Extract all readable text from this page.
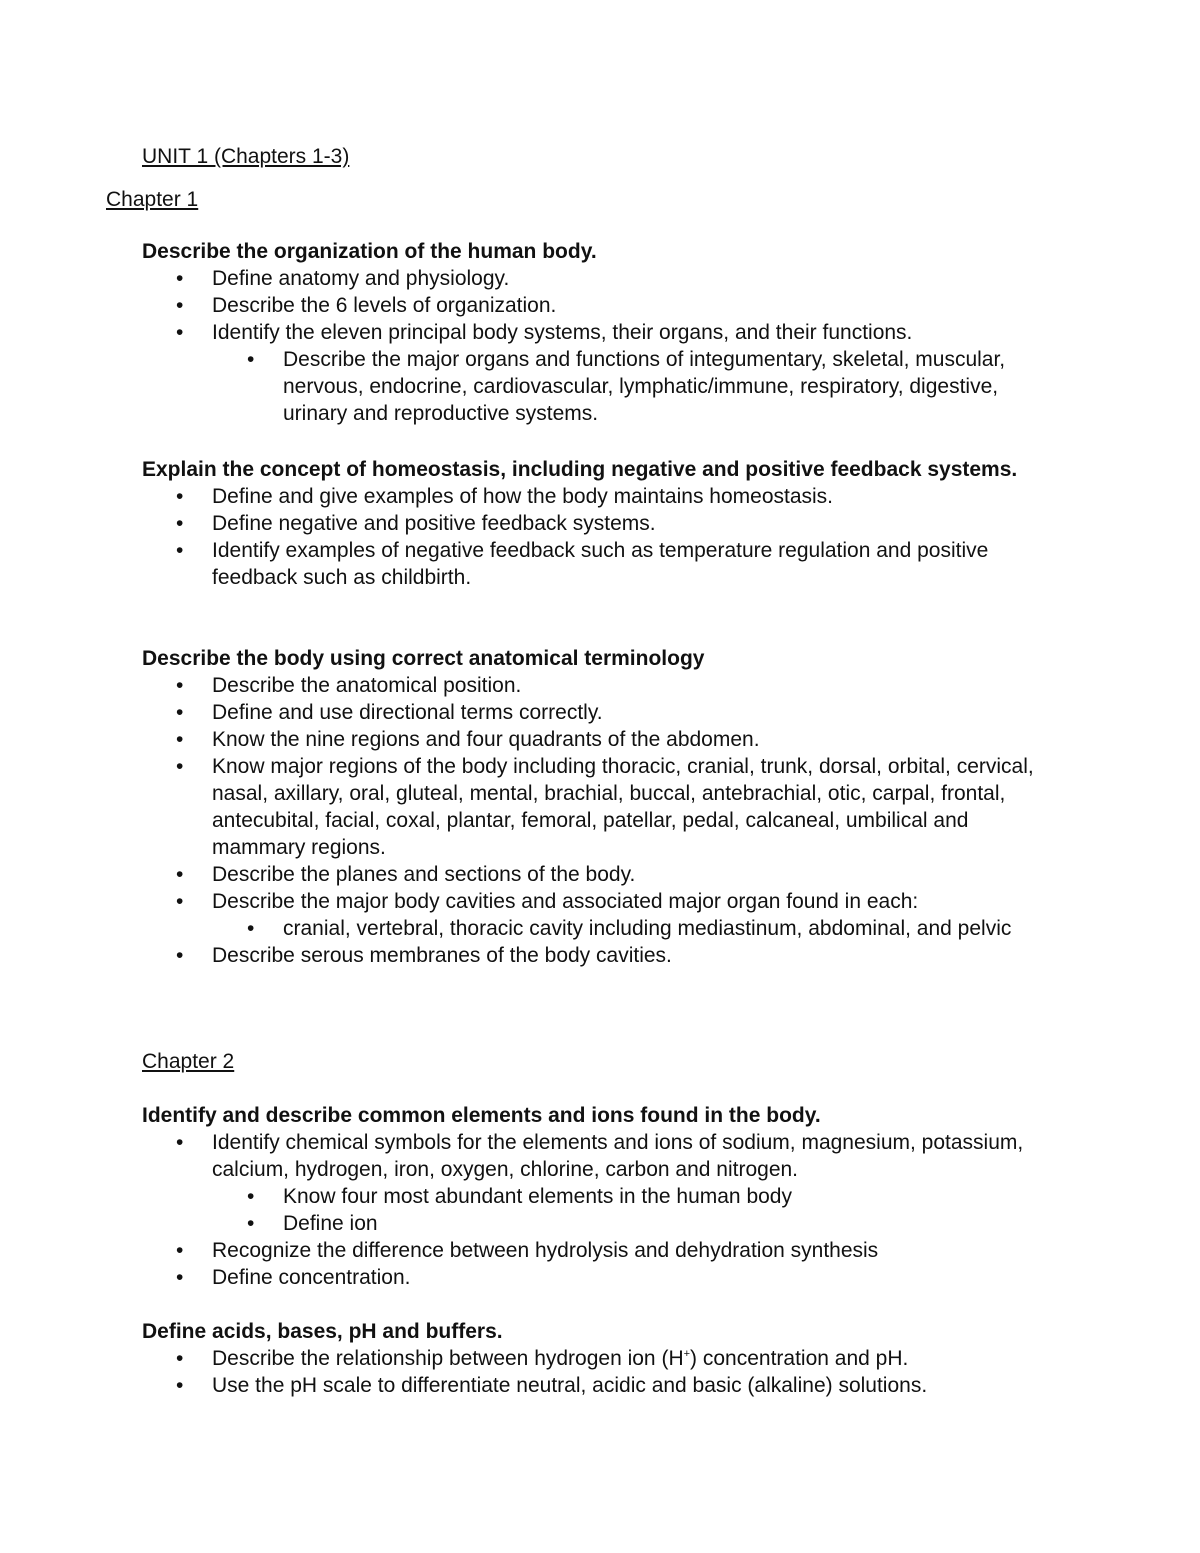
UNIT 1 (Chapters 1-3)
Chapter 1

Describe the organization of the human body.

• Define anatomy and physiology.
• Describe the 6 levels of organization.
• Identify the eleven principal body systems, their organs, and their functions.
• Describe the major organs and functions of integumentary, skeletal, muscular, nervous, endocrine, cardiovascular, lymphatic/immune, respiratory, digestive, urinary and reproductive systems.

Explain the concept of homeostasis, including negative and positive feedback systems.

• Define and give examples of how the body maintains homeostasis.
• Define negative and positive feedback systems.
• Identify examples of negative feedback such as temperature regulation and positive feedback such as childbirth.

Describe the body using correct anatomical terminology

• Describe the anatomical position.
• Define and use directional terms correctly.
• Know the nine regions and four quadrants of the abdomen.
• Know major regions of the body including thoracic, cranial, trunk, dorsal, orbital, cervical, nasal, axillary, oral, gluteal, mental, brachial, buccal, antebrachial, otic, carpal, frontal, antecubital, facial, coxal, plantar, femoral, patellar, pedal, calcaneal, umbilical and mammary regions.
• Describe the planes and sections of the body.
• Describe the major body cavities and associated major organ found in each:
• cranial, vertebral, thoracic cavity including mediastinum, abdominal, and pelvic
• Describe serous membranes of the body cavities.
Chapter 2

Identify and describe common elements and ions found in the body.

• Identify chemical symbols for the elements and ions of sodium, magnesium, potassium, calcium, hydrogen, iron, oxygen, chlorine, carbon and nitrogen.
• Know four most abundant elements in the human body
• Define ion
• Recognize the difference between hydrolysis and dehydration synthesis
• Define concentration.

Define acids, bases, pH and buffers.

• Describe the relationship between hydrogen ion (H+) concentration and pH.
• Use the pH scale to differentiate neutral, acidic and basic (alkaline) solutions.
